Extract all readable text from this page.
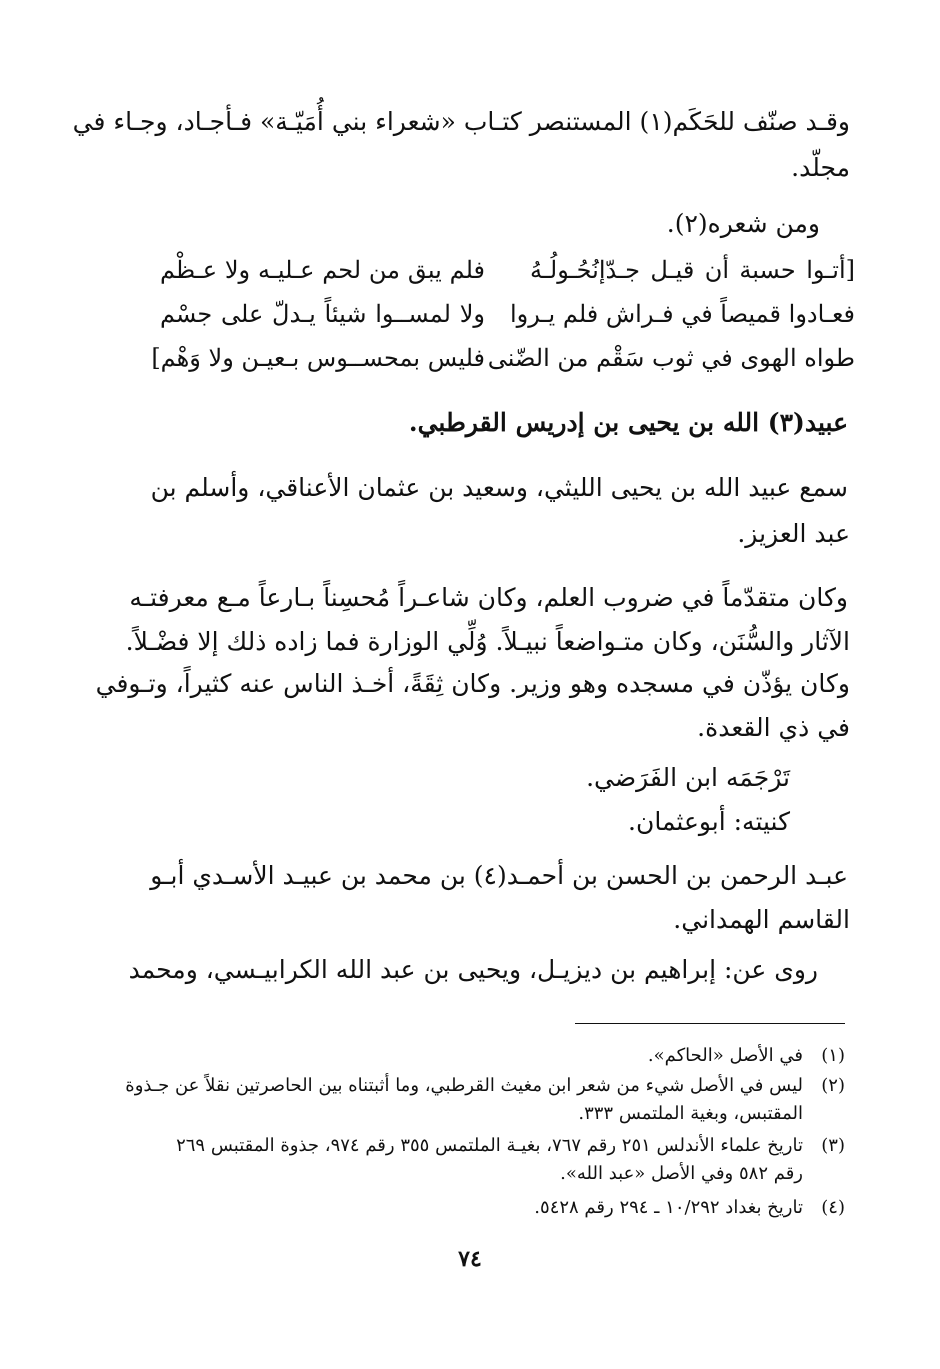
وقـد صنّف للحَكَم(١) المستنصر كتـاب «شعراء بني أُمَيّـة» فـأجـاد، وجـاء في
مجلّد.
ومن شعره(٢).
[أتـوا حسبة أن قيـل جـدّإنُحُـولُـهُ
فلم يبق من لحم عـليـه ولا عـظْم
فعـادوا قميصاً في فـراش فلم يـروا
ولا لمســوا شيئاً يـدلّ على جسْم
طواه الهوى في ثوب سَقْم من الضّنى
فليس بمحســوس بـعيـن ولا وَهْم]
عبيد(٣) الله بن يحيى بن إدريس القرطبي.
سمع عبيد الله بن يحيى الليثي، وسعيد بن عثمان الأعناقي، وأسلم بن
عبد العزيز.
وكان متقدّماً في ضروب العلم، وكان شاعـراً مُحسِناً بـارعاً مـع معرفتـه
الآثار والسُّنَن، وكان متـواضعاً نبيـلاً. وُلِّي الوزارة فما زاده ذلك إلا فضْـلاً.
وكان يؤذّن في مسجده وهو وزير. وكان ثِقَةً، أخـذ الناس عنه كثيراً، وتـوفي
في ذي القعدة.
تَرْجَمَه ابن الفَرَضي.
كنيته: أبوعثمان.
عبـد الرحمن بن الحسن بن أحمـد(٤) بن محمد بن عبيـد الأسـدي أبـو
القاسم الهمداني.
روى عن: إبراهيم بن ديزيـل، ويحيى بن عبد الله الكرابيـسي، ومحمد
(١)في الأصل «الحاكم».
(٢)ليس في الأصل شيء من شعر ابن مغيث القرطبي، وما أثبتناه بين الحاصرتين نقلاً عن جـذوة
المقتبس، وبغية الملتمس ٣٣٣.
(٣)تاريخ علماء الأندلس ٢٥١ رقم ٧٦٧، بغيـة الملتمس ٣٥٥ رقم ٩٧٤، جذوة المقتبس ٢٦٩
رقم ٥٨٢ وفي الأصل «عبد الله».
(٤)تاريخ بغداد ١٠/٢٩٢ ـ ٢٩٤ رقم ٥٤٢٨.
٧٤
